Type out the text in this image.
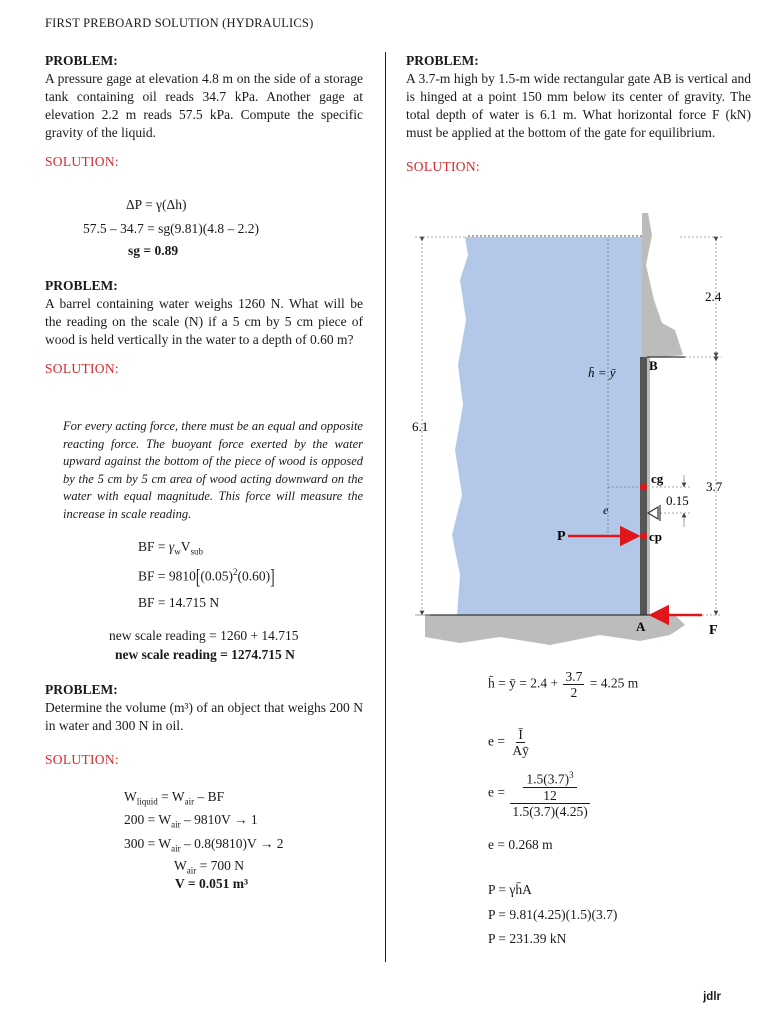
FIRST PREBOARD SOLUTION (HYDRAULICS)

PROBLEM:

A pressure gage at elevation 4.8 m on the side of a storage tank containing oil reads 34.7 kPa. Another gage at elevation 2.2 m reads 57.5 kPa. Compute the specific gravity of the liquid.

SOLUTION:

ΔP = γ(Δh)
57.5 – 34.7 = sg(9.81)(4.8 – 2.2)
sg = 0.89

PROBLEM:

A barrel containing water weighs 1260 N. What will be the reading on the scale (N) if a 5 cm by 5 cm piece of wood is held vertically in the water to a depth of 0.60 m?

SOLUTION:

For every acting force, there must be an equal and opposite reacting force. The buoyant force exerted by the water upward against the bottom of the piece of wood is opposed by the 5 cm by 5 cm area of wood acting downward on the water with equal magnitude. This force will measure the increase in scale reading.

BF = $\gamma_wV_{sub}$
BF = $9810[(0.05)^2(0.60)]$
BF = 14.715 N
new scale reading = 1260 + 14.715
new scale reading = 1274.715 N

PROBLEM:

Determine the volume (m³) of an object that weighs 200 N in water and 300 N in oil.

SOLUTION:

$W_{liquid} = W_{air}$ – BF
$200 = W_{air} - 9810V \to 1$
$300 = W_{air} - 0.8(9810)V \to 2$
$W_{air} = 700$ N
V = 0.051 m³

PROBLEM:

A 3.7-m high by 1.5-m wide rectangular gate AB is vertical and is hinged at a point 150 mm below its center of gravity. The total depth of water is 6.1 m. What horizontal force F (kN) must be applied at the bottom of the gate for equilibrium.

SOLUTION:

6.1
2.4
3.7
0.15
h̄ = ȳ
e
cg
cp
B
A
P
F
h̄ = ȳ = $2.4 + \frac{3.7}{2} = 4.25$ m
$e = \frac{Ī}{Aȳ}$
$e = 1.5(3.7)^3$
12
1.5(3.7)(4.25)
e = 0.268 m
P = γh̄A
P = 9.81(4.25)(1.5)(3.7)
P = 231.39 kN
jdlr
